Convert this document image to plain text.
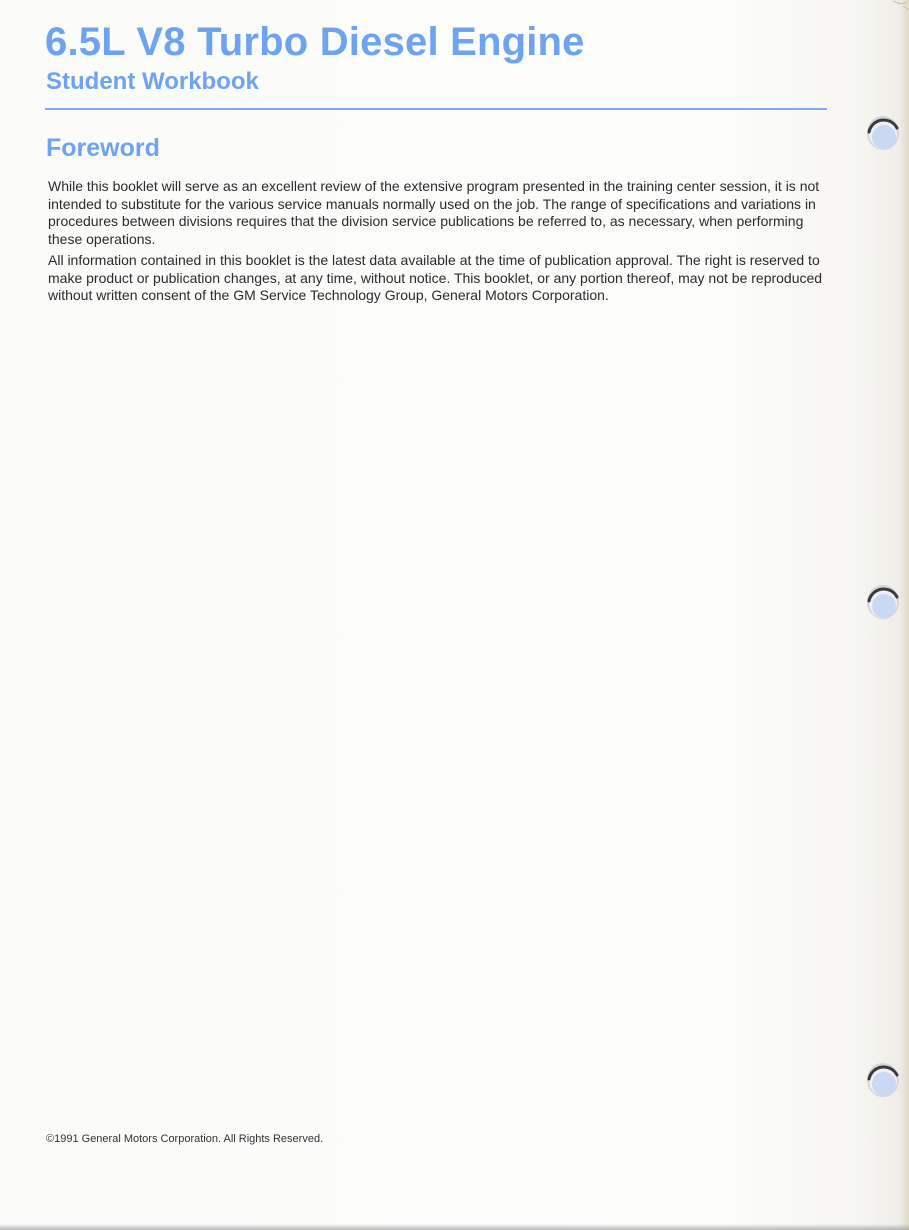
6.5L V8 Turbo Diesel Engine
Student Workbook
Foreword

While this booklet will serve as an excellent review of the extensive program presented in the training center session, it is not intended to substitute for the various service manuals normally used on the job. The range of specifications and variations in procedures between divisions requires that the division service publications be referred to, as necessary, when performing these operations.

All information contained in this booklet is the latest data available at the time of publication approval. The right is reserved to make product or publication changes, at any time, without notice. This booklet, or any portion thereof, may not be reproduced without written consent of the GM Service Technology Group, General Motors Corporation.

©1991 General Motors Corporation. All Rights Reserved.
